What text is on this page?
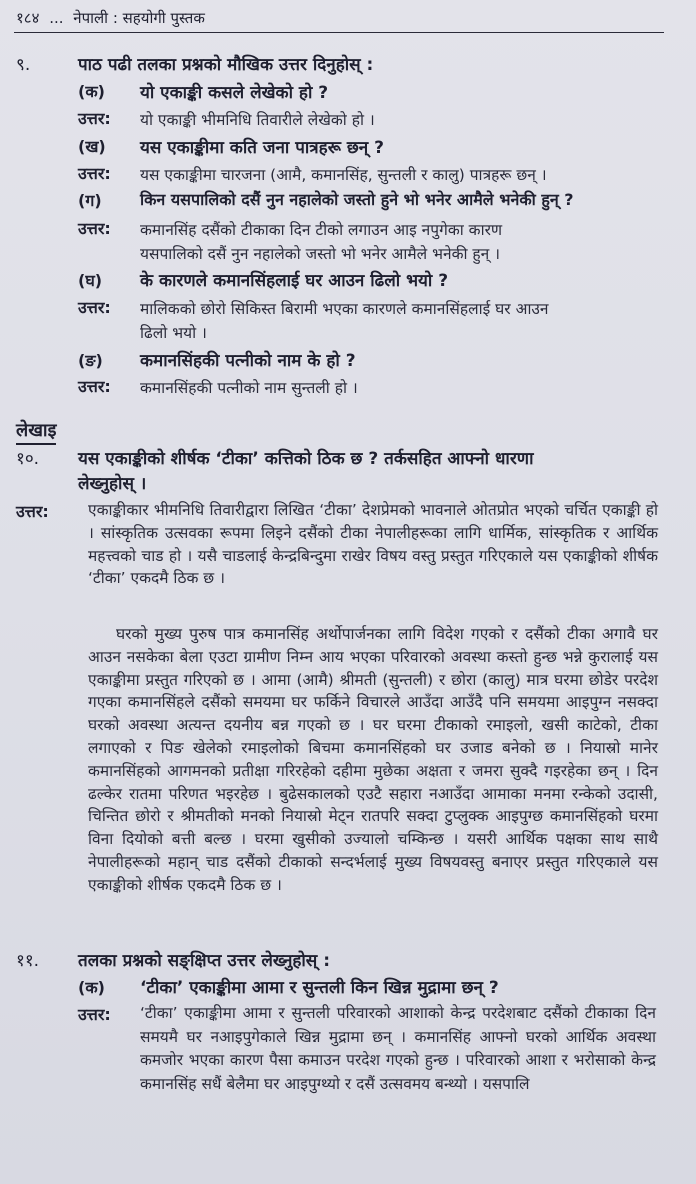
१८४ ... नेपाली : सहयोगी पुस्तक
९.	पाठ पढी तलका प्रश्नको मौखिक उत्तर दिनुहोस् :
(क) यो एकाङ्की कसले लेखेको हो ?
उत्तर: यो एकाङ्की भीमनिधि तिवारीले लेखेको हो ।
(ख) यस एकाङ्कीमा कति जना पात्रहरू छन् ?
उत्तर: यस एकाङ्कीमा चारजना (आमै, कमानसिंह, सुन्तली र कालु) पात्रहरू छन् ।
(ग) किन यसपालिको दसैं नुन नहालेको जस्तो हुने भो भनेर आमैले भनेकी हुन् ?
उत्तर: कमानसिंह दसैंको टीकाका दिन टीको लगाउन आइ नपुगेका कारण
यसपालिको दसैं नुन नहालेको जस्तो भो भनेर आमैले भनेकी हुन् ।
(घ) के कारणले कमानसिंहलाई घर आउन ढिलो भयो ?
उत्तर: मालिकको छोरो सिकिस्त बिरामी भएका कारणले कमानसिंहलाई घर आउन
ढिलो भयो ।
(ङ) कमानसिंहकी पत्नीको नाम के हो ?
उत्तर: कमानसिंहकी पत्नीको नाम सुन्तली हो ।
लेखाइ
१०. यस एकाङ्कीको शीर्षक ‘टीका’ कत्तिको ठिक छ ? तर्कसहित आफ्नो धारणा
लेख्नुहोस् ।
उत्तर:	एकाङ्कीकार भीमनिधि तिवारीद्वारा लिखित ‘टीका’ देशप्रेमको भावनाले ओतप्रोत भएको चर्चित एकाङ्की हो । सांस्कृतिक उत्सवका रूपमा लिइने दसैंको टीका नेपालीहरूका लागि धार्मिक, सांस्कृतिक र आर्थिक महत्त्वको चाड हो । यसै चाडलाई केन्द्रबिन्दुमा राखेर विषय वस्तु प्रस्तुत गरिएकाले यस एकाङ्कीको शीर्षक ‘टीका’ एकदमै ठिक छ ।
घरको मुख्य पुरुष पात्र कमानसिंह अर्थोपार्जनका लागि विदेश गएको र दसैंको टीका अगावै घर आउन नसकेका बेला एउटा ग्रामीण निम्न आय भएका परिवारको अवस्था कस्तो हुन्छ भन्ने कुरालाई यस एकाङ्कीमा प्रस्तुत गरिएको छ । आमा (आमै) श्रीमती (सुन्तली) र छोरा (कालु) मात्र घरमा छोडेर परदेश गएका कमानसिंहले दसैंको समयमा घर फर्किने विचारले आउँदा आउँदै पनि समयमा आइपुग्न नसक्दा घरको अवस्था अत्यन्त दयनीय बन्न गएको छ । घर घरमा टीकाको रमाइलो, खसी काटेको, टीका लगाएको र पिङ खेलेको रमाइलोको बिचमा कमानसिंहको घर उजाड बनेको छ । नियास्रो मानेर कमानसिंहको आगमनको प्रतीक्षा गरिरहेको दहीमा मुछेका अक्षता र जमरा सुक्दै गइरहेका छन् । दिन ढल्केर रातमा परिणत भइरहेछ । बुढेसकालको एउटै सहारा नआउँदा आमाका मनमा रन्केको उदासी, चिन्तित छोरो र श्रीमतीको मनको नियास्रो मेट्न रातपरि सक्दा टुप्लुक्क आइपुग्छ कमानसिंहको घरमा विना दियोको बत्ती बल्छ । घरमा खुसीको उज्यालो चम्किन्छ । यसरी आर्थिक पक्षका साथ साथै नेपालीहरूको महान् चाड दसैंको टीकाको सन्दर्भलाई मुख्य विषयवस्तु बनाएर प्रस्तुत गरिएकाले यस एकाङ्कीको शीर्षक एकदमै ठिक छ ।
११. तलका प्रश्नको सङ्क्षिप्त उत्तर लेख्नुहोस् :
(क) ‘टीका’ एकाङ्कीमा आमा र सुन्तली किन खिन्न मुद्रामा छन् ?
उत्तर: ‘टीका’ एकाङ्कीमा आमा र सुन्तली परिवारको आशाको केन्द्र परदेशबाट दसैंको टीकाका दिन समयमै घर नआइपुगेकाले खिन्न मुद्रामा छन् । कमानसिंह आफ्नो घरको आर्थिक अवस्था कमजोर भएका कारण पैसा कमाउन परदेश गएको हुन्छ । परिवारको आशा र भरोसाको केन्द्र कमानसिंह सधैं बेलैमा घर आइपुग्थ्यो र दसैं उत्सवमय बन्थ्यो । यसपालि
